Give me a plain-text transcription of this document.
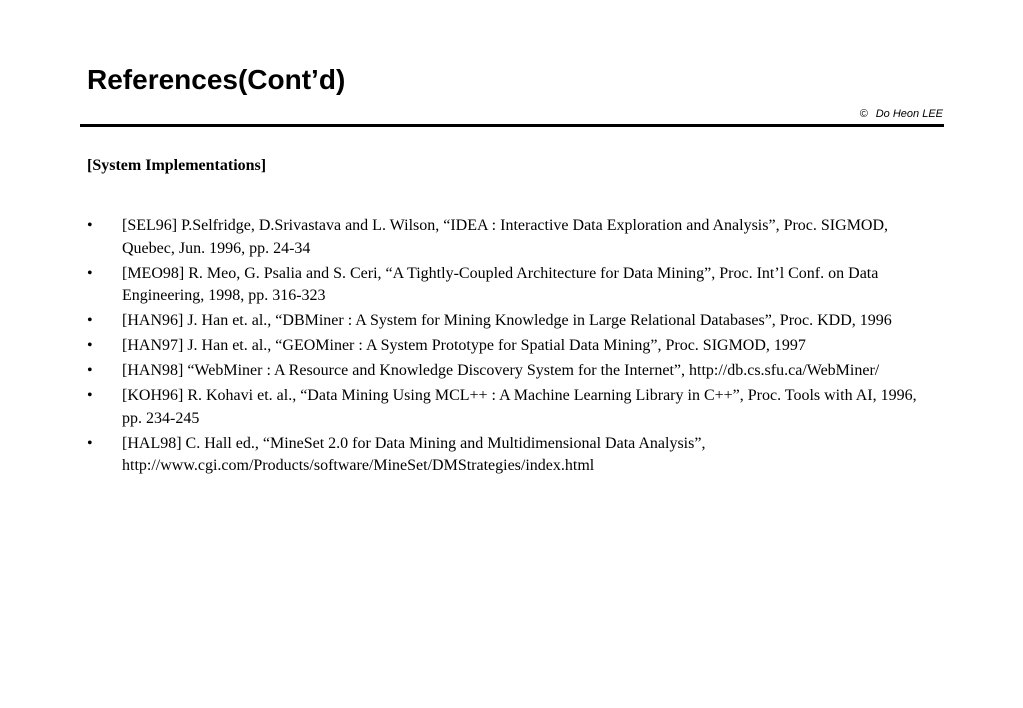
References(Cont’d)
© Do Heon LEE
[System Implementations]
• [SEL96] P.Selfridge, D.Srivastava and L. Wilson, “IDEA : Interactive Data Exploration and Analysis”, Proc. SIGMOD, Quebec, Jun. 1996, pp. 24-34
• [MEO98] R. Meo, G. Psalia and S. Ceri, “A Tightly-Coupled Architecture for Data Mining”, Proc. Int’l Conf. on Data Engineering, 1998, pp. 316-323
• [HAN96] J. Han et. al., “DBMiner : A System for Mining Knowledge in Large Relational Databases”, Proc. KDD, 1996
• [HAN97] J. Han et. al., “GEOMiner : A System Prototype for Spatial Data Mining”, Proc. SIGMOD, 1997
• [HAN98] “WebMiner : A Resource and Knowledge Discovery System for the Internet”, http://db.cs.sfu.ca/WebMiner/
• [KOH96] R. Kohavi et. al., “Data Mining Using MCL++ : A Machine Learning Library in C++”, Proc. Tools with AI, 1996, pp. 234-245
• [HAL98] C. Hall ed., “MineSet 2.0 for Data Mining and Multidimensional Data Analysis”, http://www.cgi.com/Products/software/MineSet/DMStrategies/index.html
